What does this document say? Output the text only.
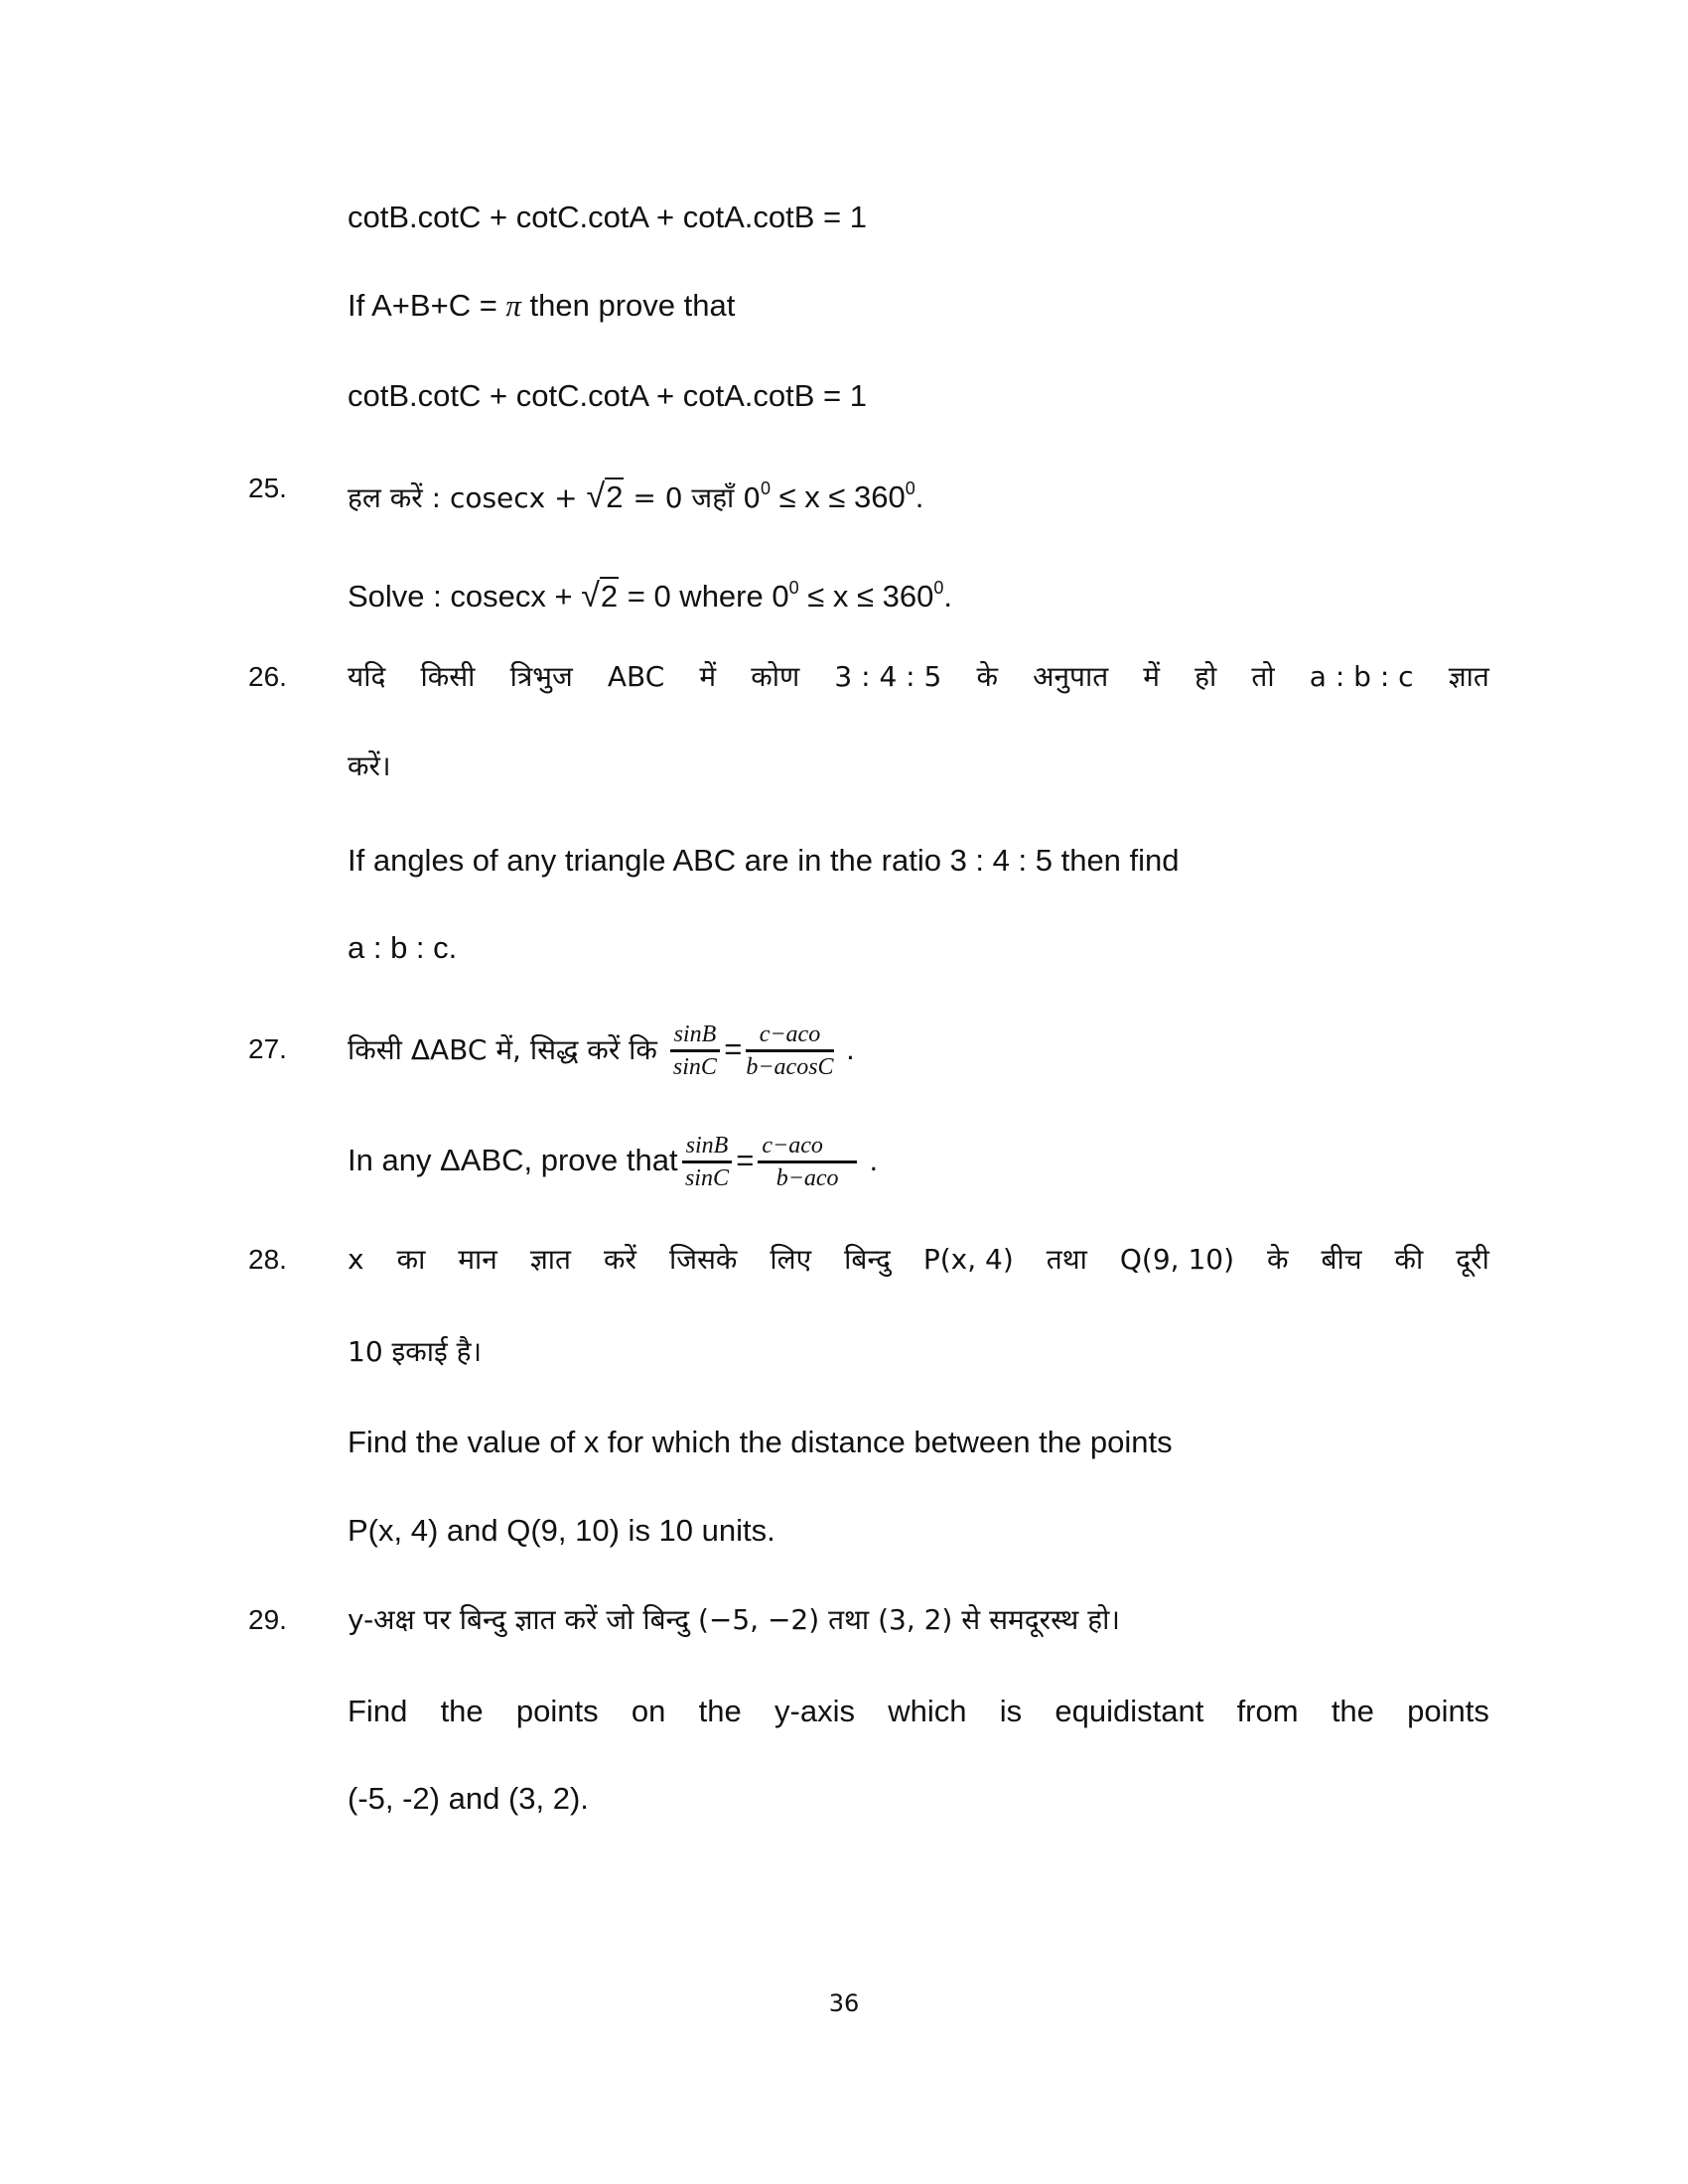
cotB.cotC + cotC.cotA + cotA.cotB = 1
If A+B+C = π then prove that
cotB.cotC + cotC.cotA + cotA.cotB = 1
25. हल करें : cosecx + √2 = 0 जहाँ $0^0 \le x \le 360^0$.
Solve : cosecx + √2 = 0 where $0^0 \le x \le 360^0$.
26. यदि किसी त्रिभुज ABC में कोण 3 : 4 : 5 के अनुपात में हो तो a : b : c ज्ञात
करें।
If angles of any triangle ABC are in the ratio 3 : 4 : 5 then find
a : b : c.
27. किसी ΔABC में, सिद्ध करें कि $\frac{\sin B}{\sin C} = \frac{\text{c−aco}}{b-acosC}$ .
In any ΔABC, prove that $\frac{\sin B}{\sin C} = \frac{\text{c−aco}}{\text{b−aco}}$ .
28. x का मान ज्ञात करें जिसके लिए बिन्दु P(x, 4) तथा Q(9, 10) के बीच की दूरी
10 इकाई है।
Find the value of x for which the distance between the points
P(x, 4) and Q(9, 10) is 10 units.
29. y-अक्ष पर बिन्दु ज्ञात करें जो बिन्दु (−5, −2) तथा (3, 2) से समदूरस्थ हो।
Find the points on the y-axis which is equidistant from the points
(-5, -2) and (3, 2).
36
